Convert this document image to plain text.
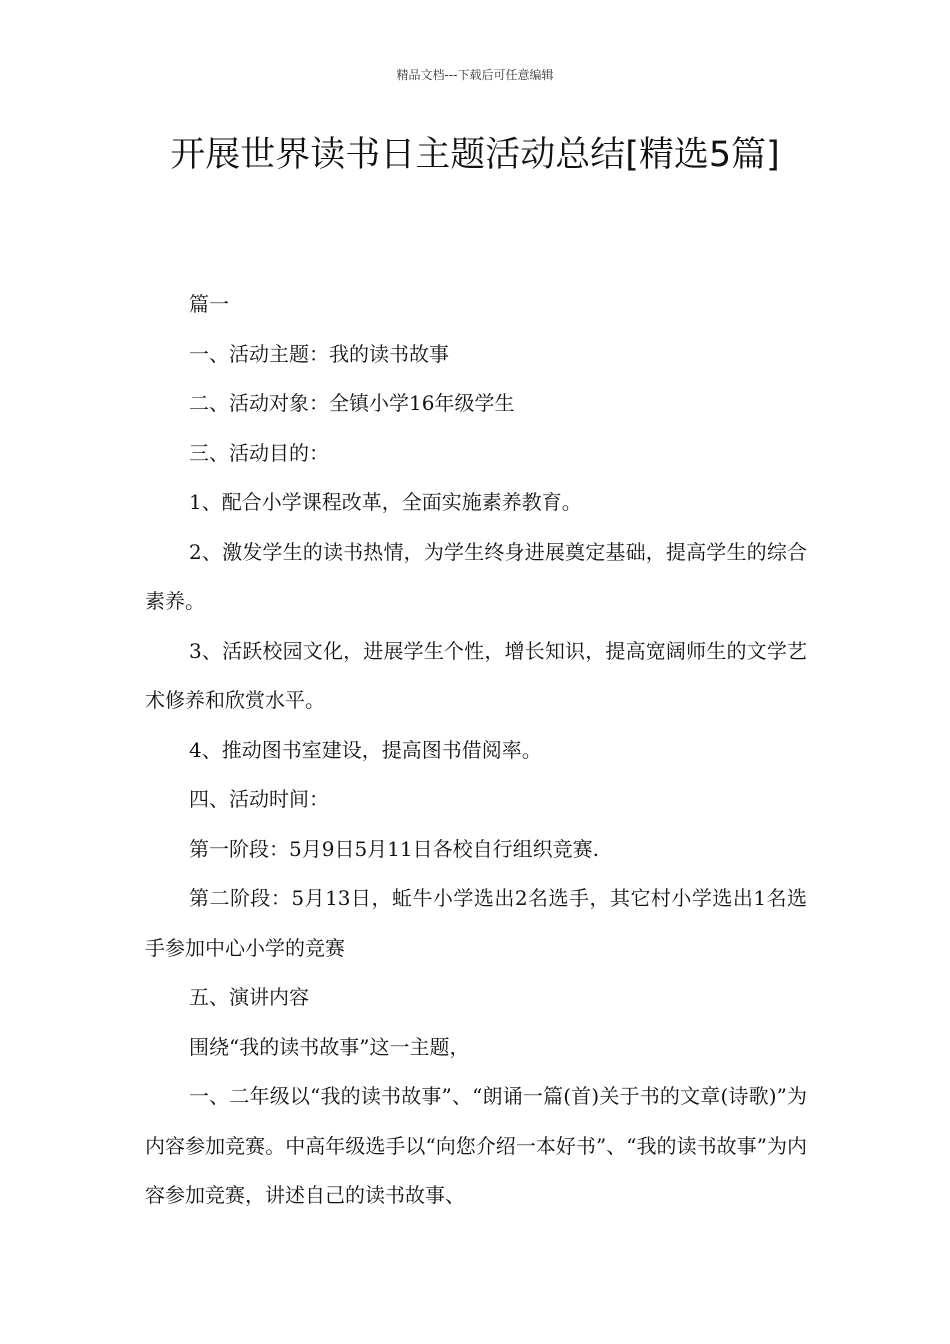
精品文档---下载后可任意编辑
开展世界读书日主题活动总结[精选5篇]

篇一

一、活动主题：我的读书故事

二、活动对象：全镇小学16年级学生

三、活动目的：

1、配合小学课程改革，全面实施素养教育。

2、激发学生的读书热情，为学生终身进展奠定基础，提高学生的综合素养。

3、活跃校园文化，进展学生个性，增长知识，提高宽阔师生的文学艺术修养和欣赏水平。

4、推动图书室建设，提高图书借阅率。

四、活动时间：

第一阶段：5月9日5月11日各校自行组织竞赛.

第二阶段：5月13日，蚯牛小学选出2名选手，其它村小学选出1名选手参加中心小学的竞赛

五、演讲内容

围绕“我的读书故事”这一主题，

一、二年级以“我的读书故事”、“朗诵一篇(首)关于书的文章(诗歌)”为内容参加竞赛。中高年级选手以“向您介绍一本好书”、“我的读书故事”为内容参加竞赛，讲述自己的读书故事、
